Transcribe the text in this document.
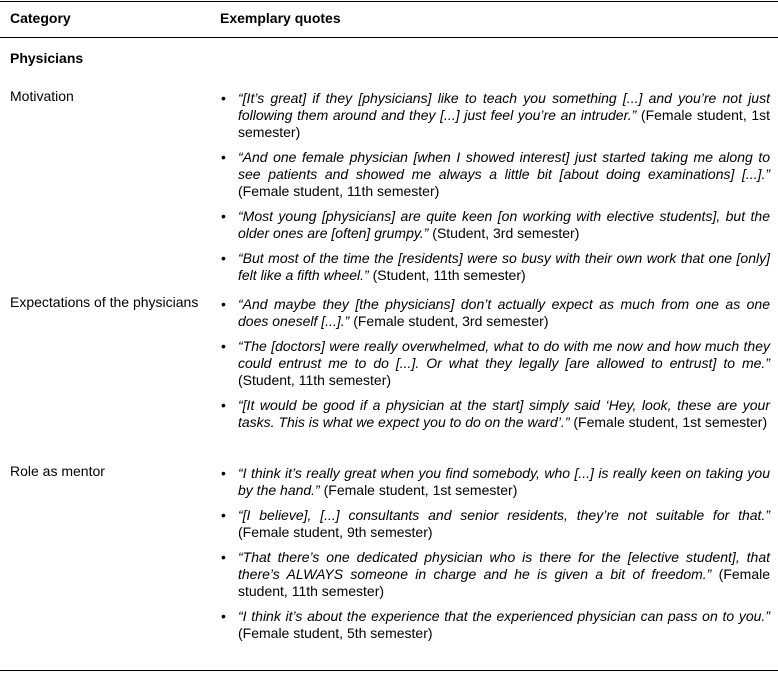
Category	Exemplary quotes
Physicians
Motivation	• “[It’s great] if they [physicians] like to teach you something [...] and you’re not just following them around and they [...] just feel you’re an intruder.” (Female student, 1st semester)
• “And one female physician [when I showed interest] just started taking me along to see patients and showed me always a little bit [about doing examinations] [...].” (Female student, 11th semester)
• “Most young [physicians] are quite keen [on working with elective students], but the older ones are [often] grumpy.” (Student, 3rd semester)
• “But most of the time the [residents] were so busy with their own work that one [only] felt like a fifth wheel.” (Student, 11th semester)
Expectations of the physicians	• “And maybe they [the physicians] don’t actually expect as much from one as one does oneself [...].” (Female student, 3rd semester)
• “The [doctors] were really overwhelmed, what to do with me now and how much they could entrust me to do [...]. Or what they legally [are allowed to entrust] to me.” (Student, 11th semester)
• “[It would be good if a physician at the start] simply said ‘Hey, look, these are your tasks. This is what we expect you to do on the ward’.” (Female student, 1st semester)
Role as mentor	• “I think it’s really great when you find somebody, who [...] is really keen on taking you by the hand.” (Female student, 1st semester)
• “[I believe], [...] consultants and senior residents, they’re not suitable for that.” (Female student, 9th semester)
• “That there’s one dedicated physician who is there for the [elective student], that there’s ALWAYS someone in charge and he is given a bit of freedom.” (Female student, 11th semester)
• “I think it’s about the experience that the experienced physician can pass on to you.” (Female student, 5th semester)
